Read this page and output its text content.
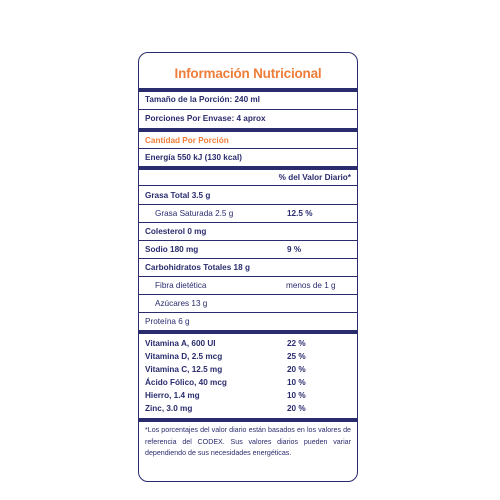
Información Nutricional
Tamaño de la Porción: 240 ml
Porciones Por Envase: 4 aprox
Cantidad Por Porción
Energía 550 kJ (130 kcal)
% del Valor Diario*
Grasa Total 3.5 g
Grasa Saturada 2.5 g	12.5 %
Colesterol 0 mg
Sodio 180 mg	9 %
Carbohidratos Totales 18 g
Fibra dietética	menos de 1 g
Azúcares 13 g
Proteína 6 g
Vitamina A, 600 UI	22 %
Vitamina D, 2.5 mcg	25 %
Vitamina C, 12.5 mg	20 %
Ácido Fólico, 40 mcg	10 %
Hierro, 1.4 mg	10 %
Zinc, 3.0 mg	20 %
*Los porcentajes del valor diario están basados en los valores de referencia del CODEX. Sus valores diarios pueden variar dependiendo de sus necesidades energéticas.
